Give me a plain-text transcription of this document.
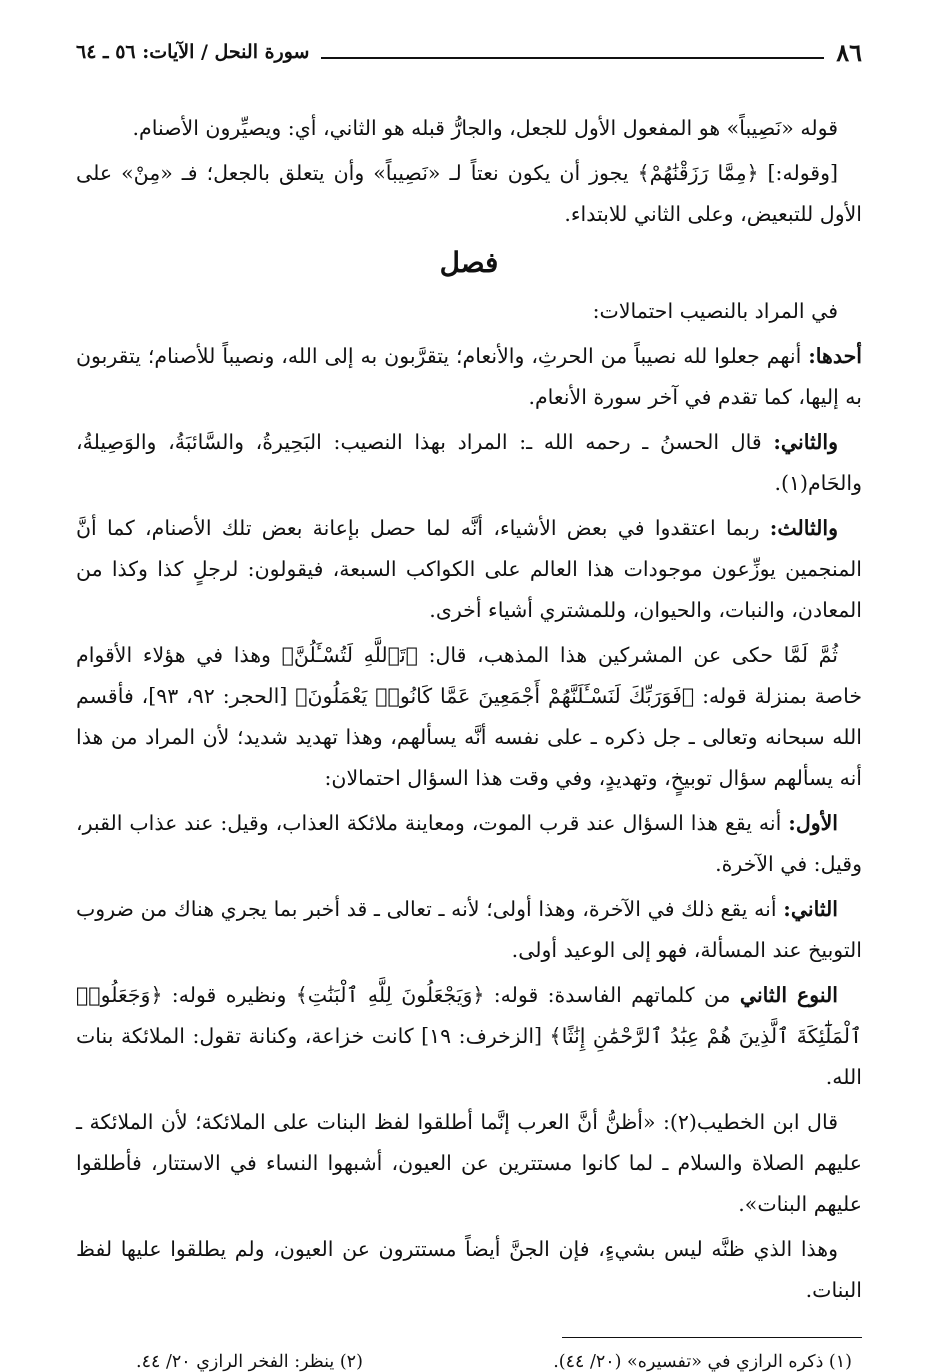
٨٦
سورة النحل / الآيات: ٥٦ ـ ٦٤

قوله «نَصِيباً» هو المفعول الأول للجعل، والجارُّ قبله هو الثاني، أي: ويصيِّرون الأصنام.

[وقوله:] ﴿مِمَّا رَزَقْنَٰهُمْ﴾ يجوز أن يكون نعتاً لـ «نَصِيباً» وأن يتعلق بالجعل؛ فـ «مِنْ» على الأول للتبعيض، وعلى الثاني للابتداء.

فصل

في المراد بالنصيب احتمالات:

أحدها: أنهم جعلوا لله نصيباً من الحرثِ، والأنعام؛ يتقرَّبون به إلى الله، ونصيباً للأصنام؛ يتقربون به إليها، كما تقدم في آخر سورة الأنعام.

والثاني: قال الحسنُ ـ رحمه الله ـ: المراد بهذا النصيب: البَحِيرةُ، والسَّائبَةُ، والوَصِيلةُ، والحَام(١).

والثالث: ربما اعتقدوا في بعض الأشياء، أنَّه لما حصل بإعانة بعض تلك الأصنام، كما أنَّ المنجمين يوزِّعون موجودات هذا العالم على الكواكب السبعة، فيقولون: لرجلٍ كذا وكذا من المعادن، والنبات، والحيوان، وللمشتري أشياء أخرى.

ثُمَّ لَمَّا حكى عن المشركين هذا المذهب، قال: ﴿تَٱللَّهِ لَتُسْـَٔلُنَّ﴾ وهذا في هؤلاء الأقوام خاصة بمنزلة قوله: ﴿فَوَرَبِّكَ لَنَسْـَٔلَنَّهُمْ أَجْمَعِينَ عَمَّا كَانُوا۟ يَعْمَلُونَ﴾ [الحجر: ٩٢، ٩٣]، فأقسم الله سبحانه وتعالى ـ جل ذكره ـ على نفسه أنَّه يسألهم، وهذا تهديد شديد؛ لأن المراد من هذا أنه يسألهم سؤال توبيخٍ، وتهديدٍ، وفي وقت هذا السؤال احتمالان:

الأول: أنه يقع هذا السؤال عند قرب الموت، ومعاينة ملائكة العذاب، وقيل: عند عذاب القبر، وقيل: في الآخرة.

الثاني: أنه يقع ذلك في الآخرة، وهذا أولى؛ لأنه ـ تعالى ـ قد أخبر بما يجري هناك من ضروب التوبيخ عند المسألة، فهو إلى الوعيد أولى.

النوع الثاني من كلماتهم الفاسدة: قوله: ﴿وَيَجْعَلُونَ لِلَّهِ ٱلْبَنَٰتِ﴾ ونظيره قوله: ﴿وَجَعَلُوا۟ ٱلْمَلَٰٓئِكَةَ ٱلَّذِينَ هُمْ عِبَٰدُ ٱلرَّحْمَٰنِ إِنَٰثًا﴾ [الزخرف: ١٩] كانت خزاعة، وكنانة تقول: الملائكة بنات الله.

قال ابن الخطيب(٢): «أظنُّ أنَّ العرب إنَّما أطلقوا لفظ البنات على الملائكة؛ لأن الملائكة ـ عليهم الصلاة والسلام ـ لما كانوا مستترين عن العيون، أشبهوا النساء في الاستتار، فأطلقوا عليهم البنات».

وهذا الذي ظنَّه ليس بشيءٍ، فإن الجنَّ أيضاً مستترون عن العيون، ولم يطلقوا عليها لفظ البنات.

(١) ذكره الرازي في «تفسيره» (٢٠/ ٤٤).
(٢) ينظر: الفخر الرازي ٢٠/ ٤٤.
